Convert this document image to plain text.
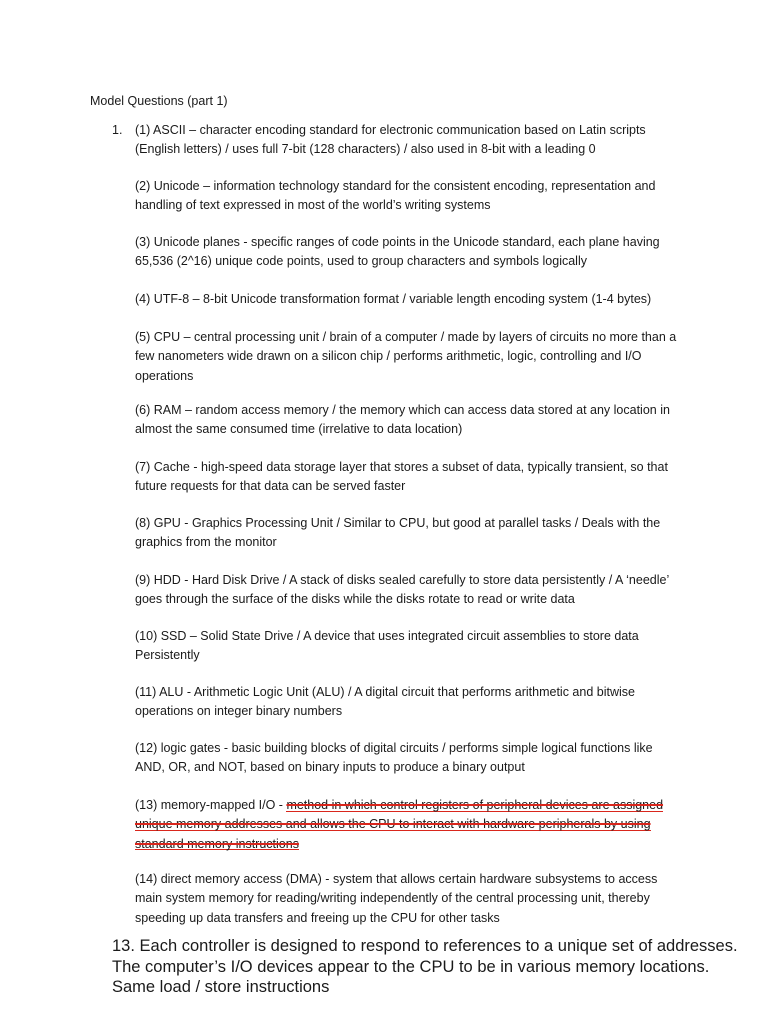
Model Questions (part 1)
1. (1) ASCII – character encoding standard for electronic communication based on Latin scripts (English letters) / uses full 7-bit (128 characters) / also used in 8-bit with a leading 0
(2) Unicode – information technology standard for the consistent encoding, representation and handling of text expressed in most of the world’s writing systems
(3) Unicode planes - specific ranges of code points in the Unicode standard, each plane having 65,536 (2^16) unique code points, used to group characters and symbols logically
(4) UTF-8 – 8-bit Unicode transformation format / variable length encoding system (1-4 bytes)
(5) CPU – central processing unit / brain of a computer / made by layers of circuits no more than a few nanometers wide drawn on a silicon chip / performs arithmetic, logic, controlling and I/O operations
(6) RAM – random access memory / the memory which can access data stored at any location in almost the same consumed time (irrelative to data location)
(7) Cache - high-speed data storage layer that stores a subset of data, typically transient, so that future requests for that data can be served faster
(8) GPU - Graphics Processing Unit / Similar to CPU, but good at parallel tasks / Deals with the graphics from the monitor
(9) HDD - Hard Disk Drive / A stack of disks sealed carefully to store data persistently / A ‘needle’ goes through the surface of the disks while the disks rotate to read or write data
(10) SSD – Solid State Drive / A device that uses integrated circuit assemblies to store data Persistently
(11) ALU - Arithmetic Logic Unit (ALU) / A digital circuit that performs arithmetic and bitwise operations on integer binary numbers
(12) logic gates - basic building blocks of digital circuits / performs simple logical functions like AND, OR, and NOT, based on binary inputs to produce a binary output
(13) memory-mapped I/O - method in which control registers of peripheral devices are assigned unique memory addresses and allows the CPU to interact with hardware peripherals by using standard memory instructions
(14) direct memory access (DMA) - system that allows certain hardware subsystems to access main system memory for reading/writing independently of the central processing unit, thereby speeding up data transfers and freeing up the CPU for other tasks
13. Each controller is designed to respond to references to a unique set of addresses. The computer’s I/O devices appear to the CPU to be in various memory locations. Same load / store instructions
